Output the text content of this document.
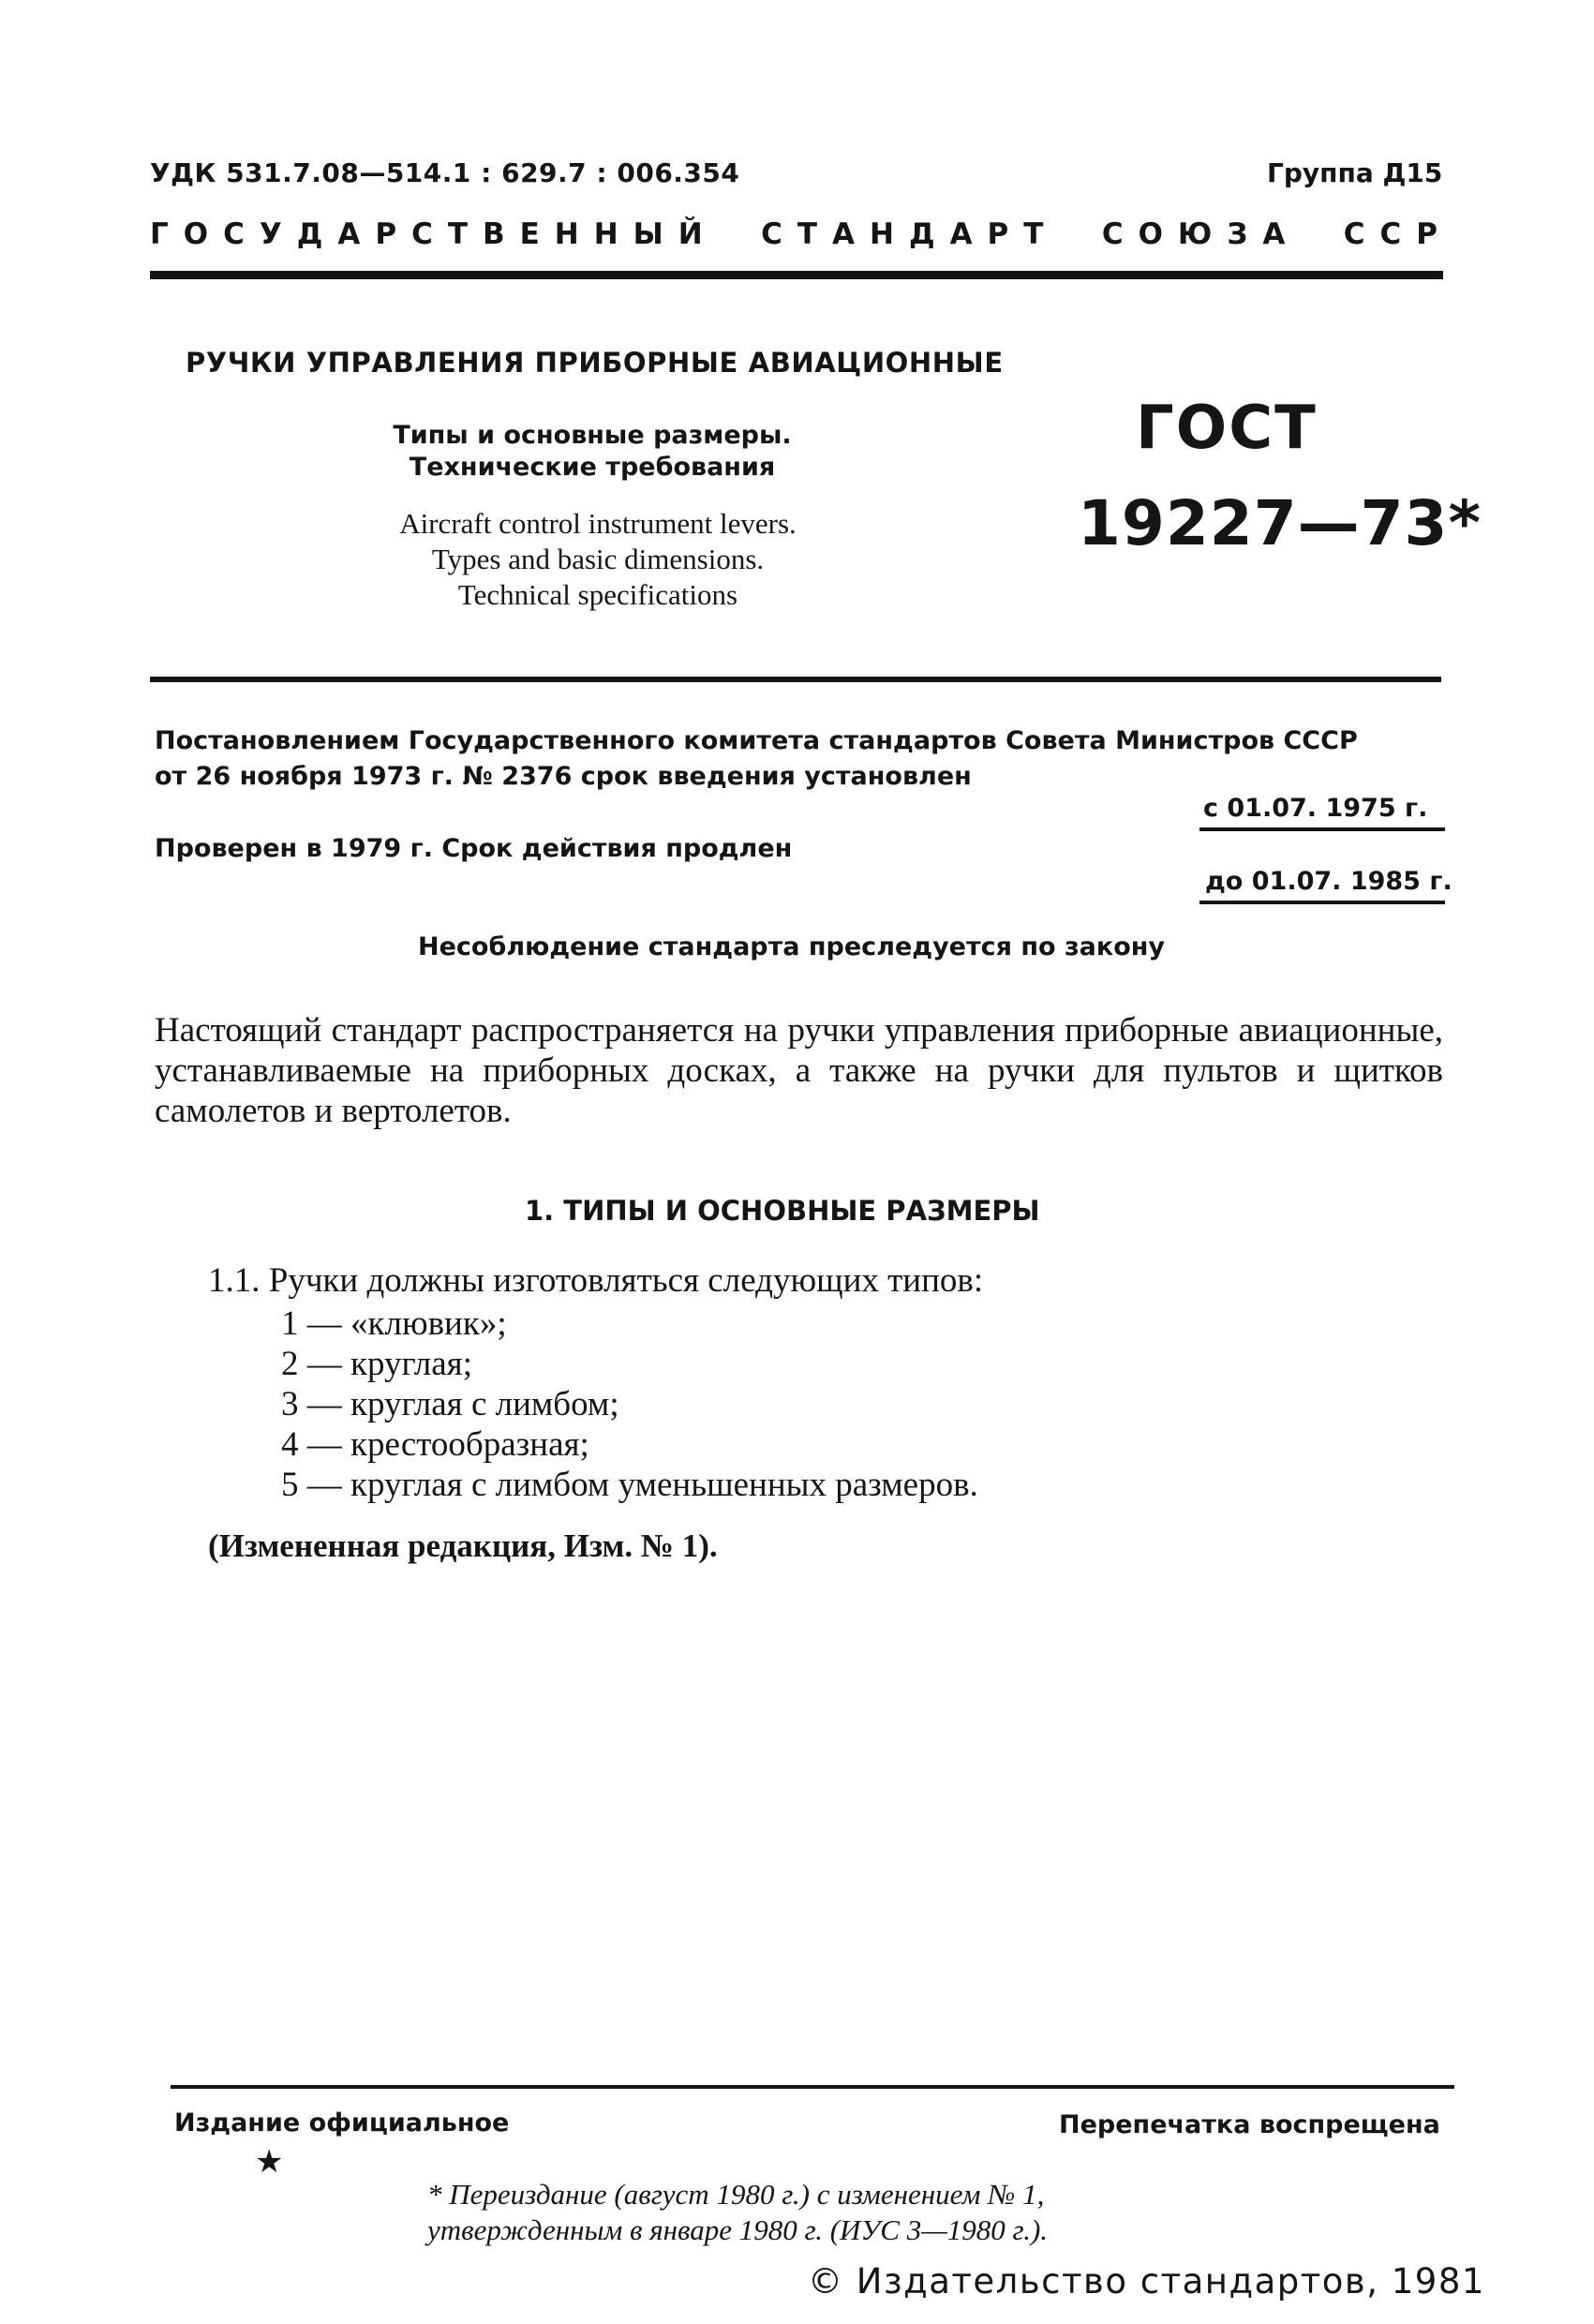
УДК 531.7.08—514.1 : 629.7 : 006.354	Группа Д15
ГОСУДАРСТВЕННЫЙ СТАНДАРТ СОЮЗА ССР
РУЧКИ УПРАВЛЕНИЯ ПРИБОРНЫЕ АВИАЦИОННЫЕ
Типы и основные размеры.
Технические требования
Aircraft control instrument levers.
Types and basic dimensions.
Technical specifications
ГОСТ
19227—73*
Постановлением Государственного комитета стандартов Совета Министров СССР
от 26 ноября 1973 г. № 2376 срок введения установлен
с 01.07. 1975 г.
Проверен в 1979 г. Срок действия продлен
до 01.07. 1985 г.
Несоблюдение стандарта преследуется по закону
Настоящий стандарт распространяется на ручки управления приборные авиационные, устанавливаемые на приборных досках, а также на ручки для пультов и щитков самолетов и вертолетов.
1. ТИПЫ И ОСНОВНЫЕ РАЗМЕРЫ
1.1. Ручки должны изготовляться следующих типов:
1 — «клювик»;
2 — круглая;
3 — круглая с лимбом;
4 — крестообразная;
5 — круглая с лимбом уменьшенных размеров.
(Измененная редакция, Изм. № 1).
Издание официальное
★
Перепечатка воспрещена
* Переиздание (август 1980 г.) с изменением № 1,
утвержденным в январе 1980 г. (ИУС 3—1980 г.).
© Издательство стандартов, 1981
